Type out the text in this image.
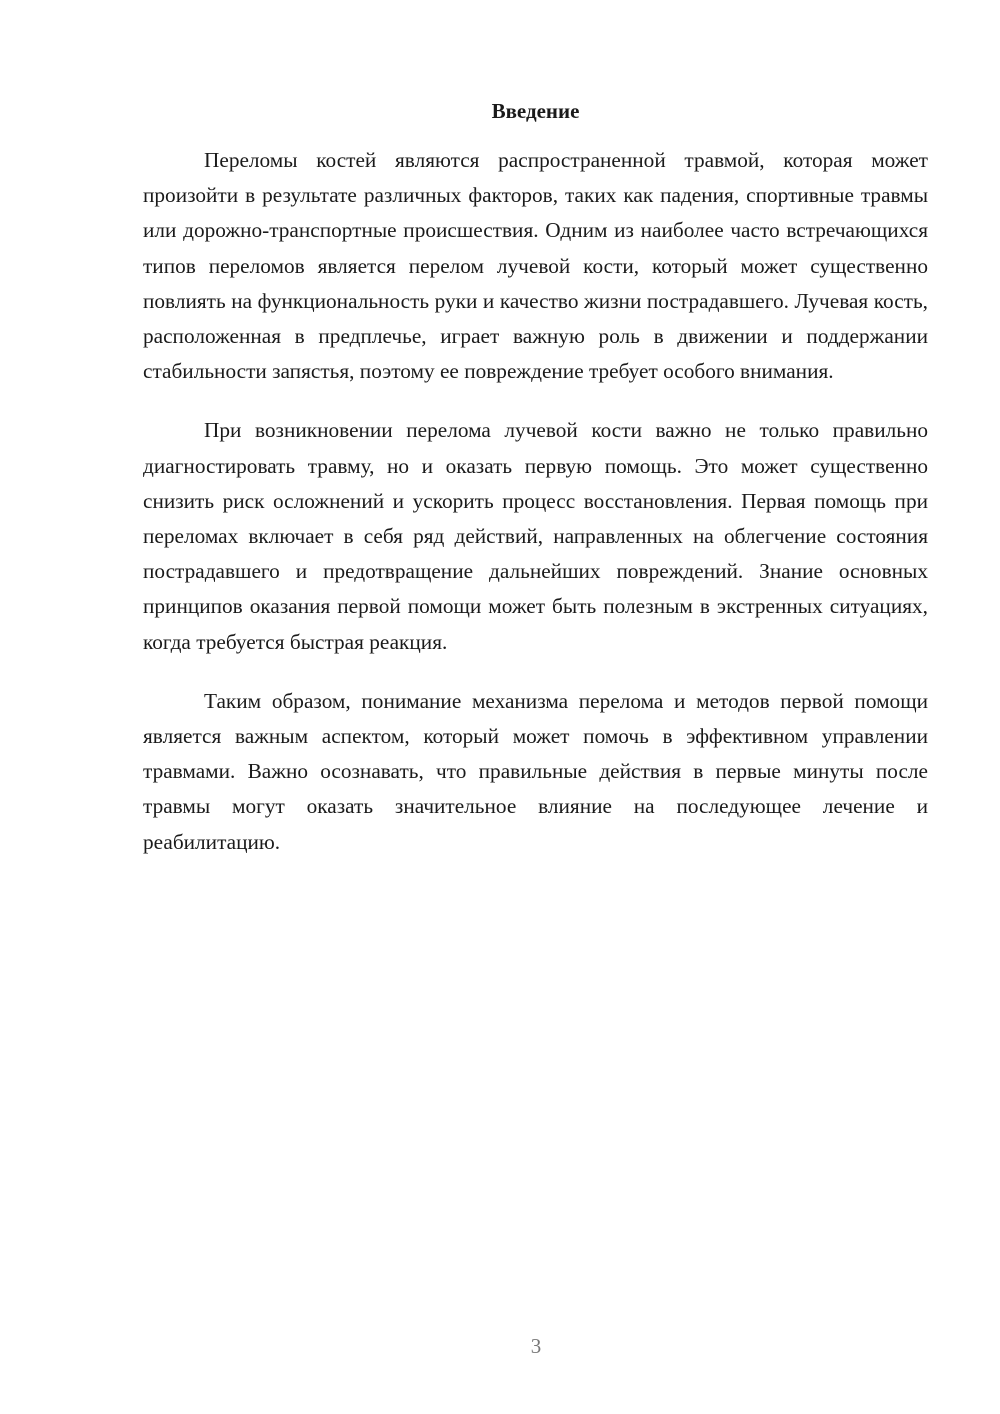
Введение

Переломы костей являются распространенной травмой, которая может произойти в результате различных факторов, таких как падения, спортивные травмы или дорожно-транспортные происшествия. Одним из наиболее часто встречающихся типов переломов является перелом лучевой кости, который может существенно повлиять на функциональность руки и качество жизни пострадавшего. Лучевая кость, расположенная в предплечье, играет важную роль в движении и поддержании стабильности запястья, поэтому ее повреждение требует особого внимания.

При возникновении перелома лучевой кости важно не только правильно диагностировать травму, но и оказать первую помощь. Это может существенно снизить риск осложнений и ускорить процесс восстановления. Первая помощь при переломах включает в себя ряд действий, направленных на облегчение состояния пострадавшего и предотвращение дальнейших повреждений. Знание основных принципов оказания первой помощи может быть полезным в экстренных ситуациях, когда требуется быстрая реакция.

Таким образом, понимание механизма перелома и методов первой помощи является важным аспектом, который может помочь в эффективном управлении травмами. Важно осознавать, что правильные действия в первые минуты после травмы могут оказать значительное влияние на последующее лечение и реабилитацию.

3
